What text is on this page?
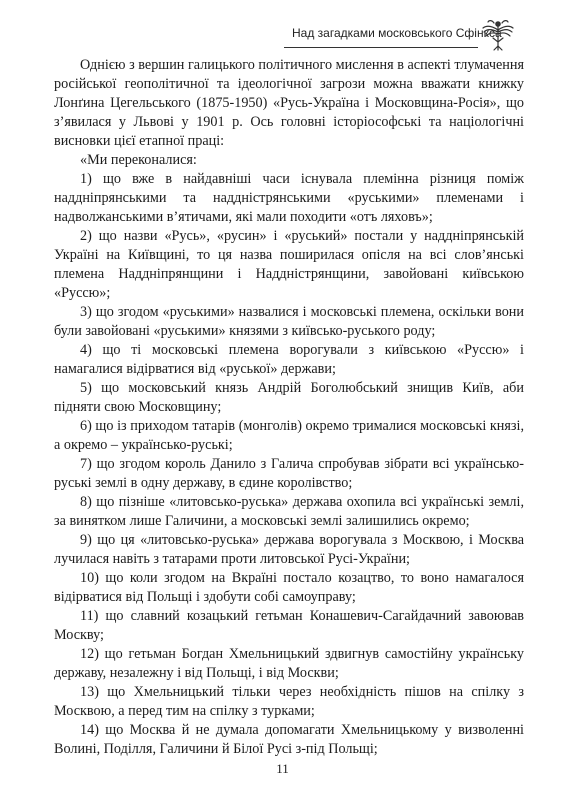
Над загадками московського Сфінкса

Однією з вершин галицького політичного мислення в аспекті тлумачення російської геополітичної та ідеологічної загрози можна вважати книжку Лонґина Цегельського (1875-1950) «Русь-Україна і Московщина-Росія», що з’явилася у Львові у 1901 р. Ось головні історіософські та націологічні висновки цієї етапної праці:

«Ми переконалися:

1) що вже в найдавніші часи існувала племінна різниця поміж наддніпрянськими та наддністрянськими «руськими» племенами і надволжанськими в’ятичами, які мали походити «отъ ляховъ»;

2) що назви «Русь», «русин» і «руський» постали у наддніпрянській Україні на Київщині, то ця назва поширилася опісля на всі слов’янські племена Наддніпрянщини і Наддністрянщини, завойовані київською «Руссю»;

3) що згодом «руськими» назвалися і московські племена, оскільки вони були завойовані «руськими» князями з київсько-руського роду;

4) що ті московські племена ворогували з київською «Руссю» і намагалися відірватися від «руської» держави;

5) що московський князь Андрій Боголюбський знищив Київ, аби підняти свою Московщину;

6) що із приходом татарів (монголів) окремо трималися московські князі, а окремо – українсько-руські;

7) що згодом король Данило з Галича спробував зібрати всі українсько-руські землі в одну державу, в єдине королівство;

8) що пізніше «литовсько-руська» держава охопила всі українські землі, за винятком лише Галичини, а московські землі залишились окремо;

9) що ця «литовсько-руська» держава ворогувала з Москвою, і Москва лучилася навіть з татарами проти литовської Русі-України;

10) що коли згодом на Вкраїні постало козацтво, то воно намагалося відірватися від Польщі і здобути собі самоуправу;

11) що славний козацький гетьман Конашевич-Сагайдачний завоював Москву;

12) що гетьман Богдан Хмельницький здвигнув самостійну українську державу, незалежну і від Польщі, і від Москви;

13) що Хмельницький тільки через необхідність пішов на спілку з Москвою, а перед тим на спілку з турками;

14) що Москва й не думала допомагати Хмельницькому у визволенні Волині, Поділля, Галичини й Білої Русі з-під Польщі;

11
